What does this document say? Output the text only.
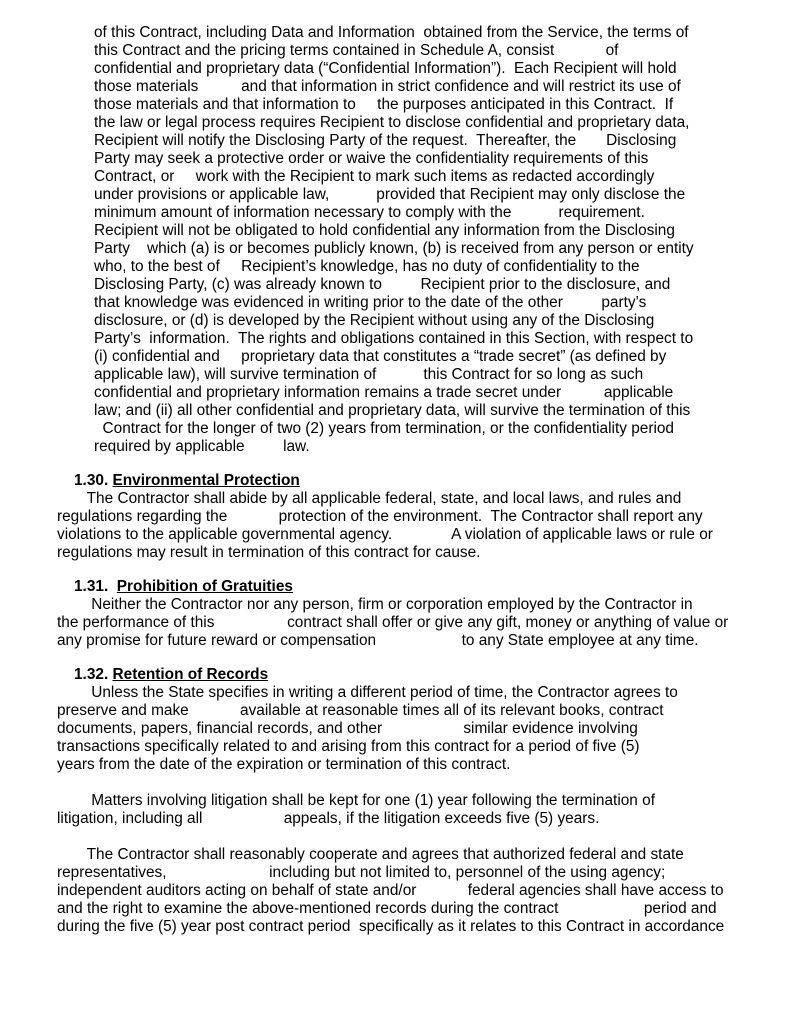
of this Contract, including Data and Information  obtained from the Service, the terms of
this Contract and the pricing terms contained in Schedule A, consist            of
confidential and proprietary data (“Confidential Information”).  Each Recipient will hold
those materials          and that information in strict confidence and will restrict its use of
those materials and that information to     the purposes anticipated in this Contract.  If
the law or legal process requires Recipient to disclose confidential and proprietary data,
Recipient will notify the Disclosing Party of the request.  Thereafter, the       Disclosing
Party may seek a protective order or waive the confidentiality requirements of this
Contract, or     work with the Recipient to mark such items as redacted accordingly
under provisions or applicable law,           provided that Recipient may only disclose the
minimum amount of information necessary to comply with the           requirement.
Recipient will not be obligated to hold confidential any information from the Disclosing
Party    which (a) is or becomes publicly known, (b) is received from any person or entity
who, to the best of     Recipient’s knowledge, has no duty of confidentiality to the
Disclosing Party, (c) was already known to         Recipient prior to the disclosure, and
that knowledge was evidenced in writing prior to the date of the other         party’s
disclosure, or (d) is developed by the Recipient without using any of the Disclosing
Party’s  information.  The rights and obligations contained in this Section, with respect to
(i) confidential and     proprietary data that constitutes a “trade secret” (as defined by
applicable law), will survive termination of           this Contract for so long as such
confidential and proprietary information remains a trade secret under          applicable
law; and (ii) all other confidential and proprietary data, will survive the termination of this
Contract for the longer of two (2) years from termination, or the confidentiality period
required by applicable         law.
1.30. Environmental Protection
The Contractor shall abide by all applicable federal, state, and local laws, and rules and
regulations regarding the            protection of the environment.  The Contractor shall report any
violations to the applicable governmental agency.              A violation of applicable laws or rule or
regulations may result in termination of this contract for cause.
1.31. Prohibition of Gratuities
Neither the Contractor nor any person, firm or corporation employed by the Contractor in
the performance of this                 contract shall offer or give any gift, money or anything of value or
any promise for future reward or compensation                    to any State employee at any time.
1.32. Retention of Records
Unless the State specifies in writing a different period of time, the Contractor agrees to
preserve and make            available at reasonable times all of its relevant books, contract
documents, papers, financial records, and other                   similar evidence involving
transactions specifically related to and arising from this contract for a period of five (5)
years from the date of the expiration or termination of this contract.
Matters involving litigation shall be kept for one (1) year following the termination of
litigation, including all                   appeals, if the litigation exceeds five (5) years.
The Contractor shall reasonably cooperate and agrees that authorized federal and state
representatives,                        including but not limited to, personnel of the using agency;
independent auditors acting on behalf of state and/or            federal agencies shall have access to
and the right to examine the above-mentioned records during the contract                    period and
during the five (5) year post contract period  specifically as it relates to this Contract in accordance
